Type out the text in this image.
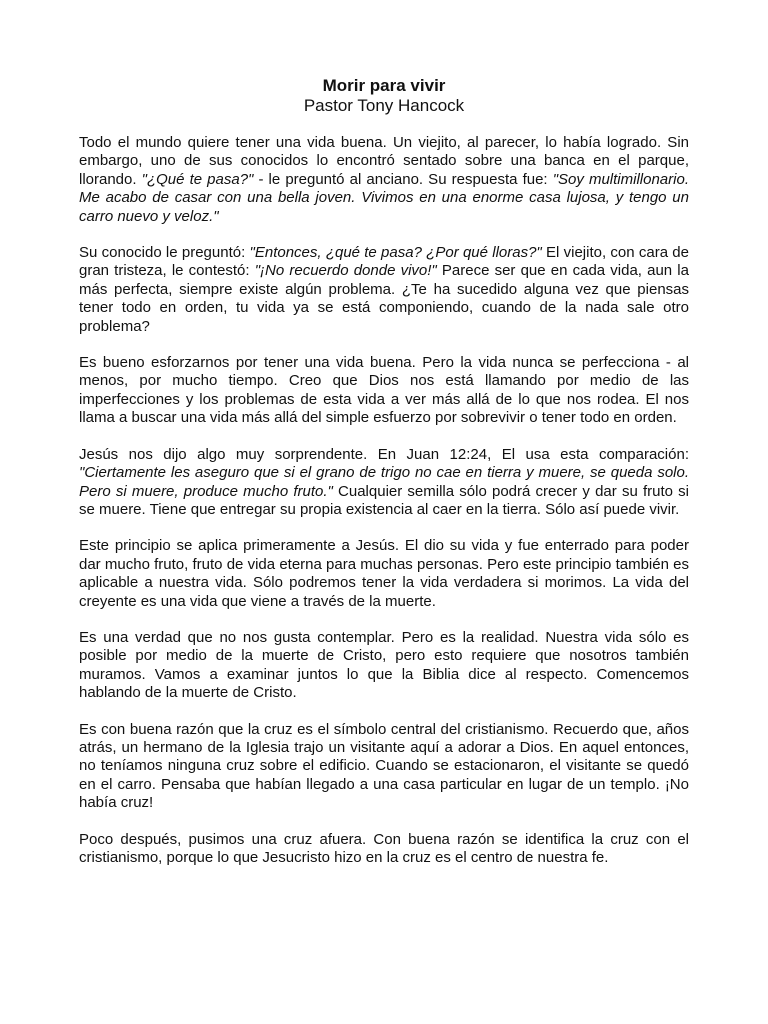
Morir para vivir
Pastor Tony Hancock

Todo el mundo quiere tener una vida buena. Un viejito, al parecer, lo había logrado. Sin embargo, uno de sus conocidos lo encontró sentado sobre una banca en el parque, llorando. "¿Qué te pasa?" - le preguntó al anciano. Su respuesta fue: "Soy multimillonario. Me acabo de casar con una bella joven. Vivimos en una enorme casa lujosa, y tengo un carro nuevo y veloz."

Su conocido le preguntó: "Entonces, ¿qué te pasa? ¿Por qué lloras?" El viejito, con cara de gran tristeza, le contestó: "¡No recuerdo donde vivo!" Parece ser que en cada vida, aun la más perfecta, siempre existe algún problema. ¿Te ha sucedido alguna vez que piensas tener todo en orden, tu vida ya se está componiendo, cuando de la nada sale otro problema?

Es bueno esforzarnos por tener una vida buena. Pero la vida nunca se perfecciona - al menos, por mucho tiempo. Creo que Dios nos está llamando por medio de las imperfecciones y los problemas de esta vida a ver más allá de lo que nos rodea. El nos llama a buscar una vida más allá del simple esfuerzo por sobrevivir o tener todo en orden.

Jesús nos dijo algo muy sorprendente. En Juan 12:24, El usa esta comparación: "Ciertamente les aseguro que si el grano de trigo no cae en tierra y muere, se queda solo. Pero si muere, produce mucho fruto." Cualquier semilla sólo podrá crecer y dar su fruto si se muere. Tiene que entregar su propia existencia al caer en la tierra. Sólo así puede vivir.

Este principio se aplica primeramente a Jesús. El dio su vida y fue enterrado para poder dar mucho fruto, fruto de vida eterna para muchas personas. Pero este principio también es aplicable a nuestra vida. Sólo podremos tener la vida verdadera si morimos. La vida del creyente es una vida que viene a través de la muerte.

Es una verdad que no nos gusta contemplar. Pero es la realidad. Nuestra vida sólo es posible por medio de la muerte de Cristo, pero esto requiere que nosotros también muramos. Vamos a examinar juntos lo que la Biblia dice al respecto. Comencemos hablando de la muerte de Cristo.

Es con buena razón que la cruz es el símbolo central del cristianismo. Recuerdo que, años atrás, un hermano de la Iglesia trajo un visitante aquí a adorar a Dios. En aquel entonces, no teníamos ninguna cruz sobre el edificio. Cuando se estacionaron, el visitante se quedó en el carro. Pensaba que habían llegado a una casa particular en lugar de un templo. ¡No había cruz!

Poco después, pusimos una cruz afuera. Con buena razón se identifica la cruz con el cristianismo, porque lo que Jesucristo hizo en la cruz es el centro de nuestra fe.
